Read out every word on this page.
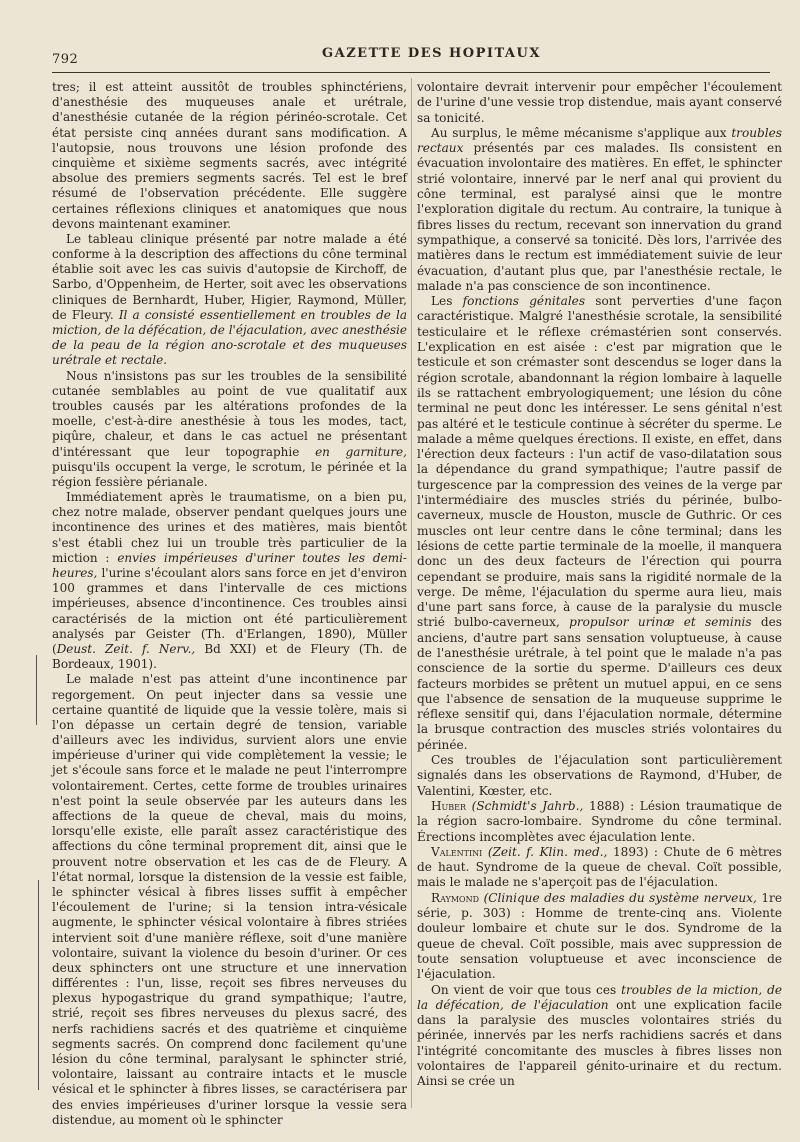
792	GAZETTE DES HOPITAUX

tres; il est atteint aussitôt de troubles sphinctériens, d'anesthésie des muqueuses anale et urétrale, d'anesthésie cutanée de la région périnéo-scrotale. Cet état persiste cinq années durant sans modification. A l'autopsie, nous trouvons une lésion profonde des cinquième et sixième segments sacrés, avec intégrité absolue des premiers segments sacrés. Tel est le bref résumé de l'observation précédente. Elle suggère certaines réflexions cliniques et anatomiques que nous devons maintenant examiner.

Le tableau clinique présenté par notre malade a été conforme à la description des affections du cône terminal établie soit avec les cas suivis d'autopsie de Kirchoff, de Sarbo, d'Oppenheim, de Herter, soit avec les observations cliniques de Bernhardt, Huber, Higier, Raymond, Müller, de Fleury. Il a consisté essentiellement en troubles de la miction, de la défécation, de l'éjaculation, avec anesthésie de la peau de la région ano-scrotale et des muqueuses urétrale et rectale.

Nous n'insistons pas sur les troubles de la sensibilité cutanée semblables au point de vue qualitatif aux troubles causés par les altérations profondes de la moelle, c'est-à-dire anesthésie à tous les modes, tact, piqûre, chaleur, et dans le cas actuel ne présentant d'intéressant que leur topographie en garniture, puisqu'ils occupent la verge, le scrotum, le périnée et la région fessière périanale.

Immédiatement après le traumatisme, on a bien pu, chez notre malade, observer pendant quelques jours une incontinence des urines et des matières, mais bientôt s'est établi chez lui un trouble très particulier de la miction : envies impérieuses d'uriner toutes les demi-heures, l'urine s'écoulant alors sans force en jet d'environ 100 grammes et dans l'intervalle de ces mictions impérieuses, absence d'incontinence. Ces troubles ainsi caractérisés de la miction ont été particulièrement analysés par Geister (Th. d'Erlangen, 1890), Müller (Deust. Zeit. f. Nerv., Bd XXI) et de Fleury (Th. de Bordeaux, 1901).

Le malade n'est pas atteint d'une incontinence par regorgement. On peut injecter dans sa vessie une certaine quantité de liquide que la vessie tolère, mais si l'on dépasse un certain degré de tension, variable d'ailleurs avec les individus, survient alors une envie impérieuse d'uriner qui vide complètement la vessie; le jet s'écoule sans force et le malade ne peut l'interrompre volontairement. Certes, cette forme de troubles urinaires n'est point la seule observée par les auteurs dans les affections de la queue de cheval, mais du moins, lorsqu'elle existe, elle paraît assez caractéristique des affections du cône terminal proprement dit, ainsi que le prouvent notre observation et les cas de de Fleury. A l'état normal, lorsque la distension de la vessie est faible, le sphincter vésical à fibres lisses suffit à empêcher l'écoulement de l'urine; si la tension intra-vésicale augmente, le sphincter vésical volontaire à fibres striées intervient soit d'une manière réflexe, soit d'une manière volontaire, suivant la violence du besoin d'uriner. Or ces deux sphincters ont une structure et une innervation différentes : l'un, lisse, reçoit ses fibres nerveuses du plexus hypogastrique du grand sympathique; l'autre, strié, reçoit ses fibres nerveuses du plexus sacré, des nerfs rachidiens sacrés et des quatrième et cinquième segments sacrés. On comprend donc facilement qu'une lésion du cône terminal, paralysant le sphincter strié, volontaire, laissant au contraire intacts et le muscle vésical et le sphincter à fibres lisses, se caractérisera par des envies impérieuses d'uriner lorsque la vessie sera distendue, au moment où le sphincter

volontaire devrait intervenir pour empêcher l'écoulement de l'urine d'une vessie trop distendue, mais ayant conservé sa tonicité.

Au surplus, le même mécanisme s'applique aux troubles rectaux présentés par ces malades. Ils consistent en évacuation involontaire des matières. En effet, le sphincter strié volontaire, innervé par le nerf anal qui provient du cône terminal, est paralysé ainsi que le montre l'exploration digitale du rectum. Au contraire, la tunique à fibres lisses du rectum, recevant son innervation du grand sympathique, a conservé sa tonicité. Dès lors, l'arrivée des matières dans le rectum est immédiatement suivie de leur évacuation, d'autant plus que, par l'anesthésie rectale, le malade n'a pas conscience de son incontinence.

Les fonctions génitales sont perverties d'une façon caractéristique. Malgré l'anesthésie scrotale, la sensibilité testiculaire et le réflexe crémastérien sont conservés. L'explication en est aisée : c'est par migration que le testicule et son crémaster sont descendus se loger dans la région scrotale, abandonnant la région lombaire à laquelle ils se rattachent embryologiquement; une lésion du cône terminal ne peut donc les intéresser. Le sens génital n'est pas altéré et le testicule continue à sécréter du sperme. Le malade a même quelques érections. Il existe, en effet, dans l'érection deux facteurs : l'un actif de vaso-dilatation sous la dépendance du grand sympathique; l'autre passif de turgescence par la compression des veines de la verge par l'intermédiaire des muscles striés du périnée, bulbo-caverneux, muscle de Houston, muscle de Guthric. Or ces muscles ont leur centre dans le cône terminal; dans les lésions de cette partie terminale de la moelle, il manquera donc un des deux facteurs de l'érection qui pourra cependant se produire, mais sans la rigidité normale de la verge. De même, l'éjaculation du sperme aura lieu, mais d'une part sans force, à cause de la paralysie du muscle strié bulbo-caverneux, propulsor urinæ et seminis des anciens, d'autre part sans sensation voluptueuse, à cause de l'anesthésie urétrale, à tel point que le malade n'a pas conscience de la sortie du sperme. D'ailleurs ces deux facteurs morbides se prêtent un mutuel appui, en ce sens que l'absence de sensation de la muqueuse supprime le réflexe sensitif qui, dans l'éjaculation normale, détermine la brusque contraction des muscles striés volontaires du périnée.

Ces troubles de l'éjaculation sont particulièrement signalés dans les observations de Raymond, d'Huber, de Valentini, Kœster, etc.

Huber (Schmidt's Jahrb., 1888) : Lésion traumatique de la région sacro-lombaire. Syndrome du cône terminal. Érections incomplètes avec éjaculation lente.

Valentini (Zeit. f. Klin. med., 1893) : Chute de 6 mètres de haut. Syndrome de la queue de cheval. Coït possible, mais le malade ne s'aperçoit pas de l'éjaculation.

Raymond (Clinique des maladies du système nerveux, 1re série, p. 303) : Homme de trente-cinq ans. Violente douleur lombaire et chute sur le dos. Syndrome de la queue de cheval. Coït possible, mais avec suppression de toute sensation voluptueuse et avec inconscience de l'éjaculation.

On vient de voir que tous ces troubles de la miction, de la défécation, de l'éjaculation ont une explication facile dans la paralysie des muscles volontaires striés du périnée, innervés par les nerfs rachidiens sacrés et dans l'intégrité concomitante des muscles à fibres lisses non volontaires de l'appareil génito-urinaire et du rectum. Ainsi se crée un
